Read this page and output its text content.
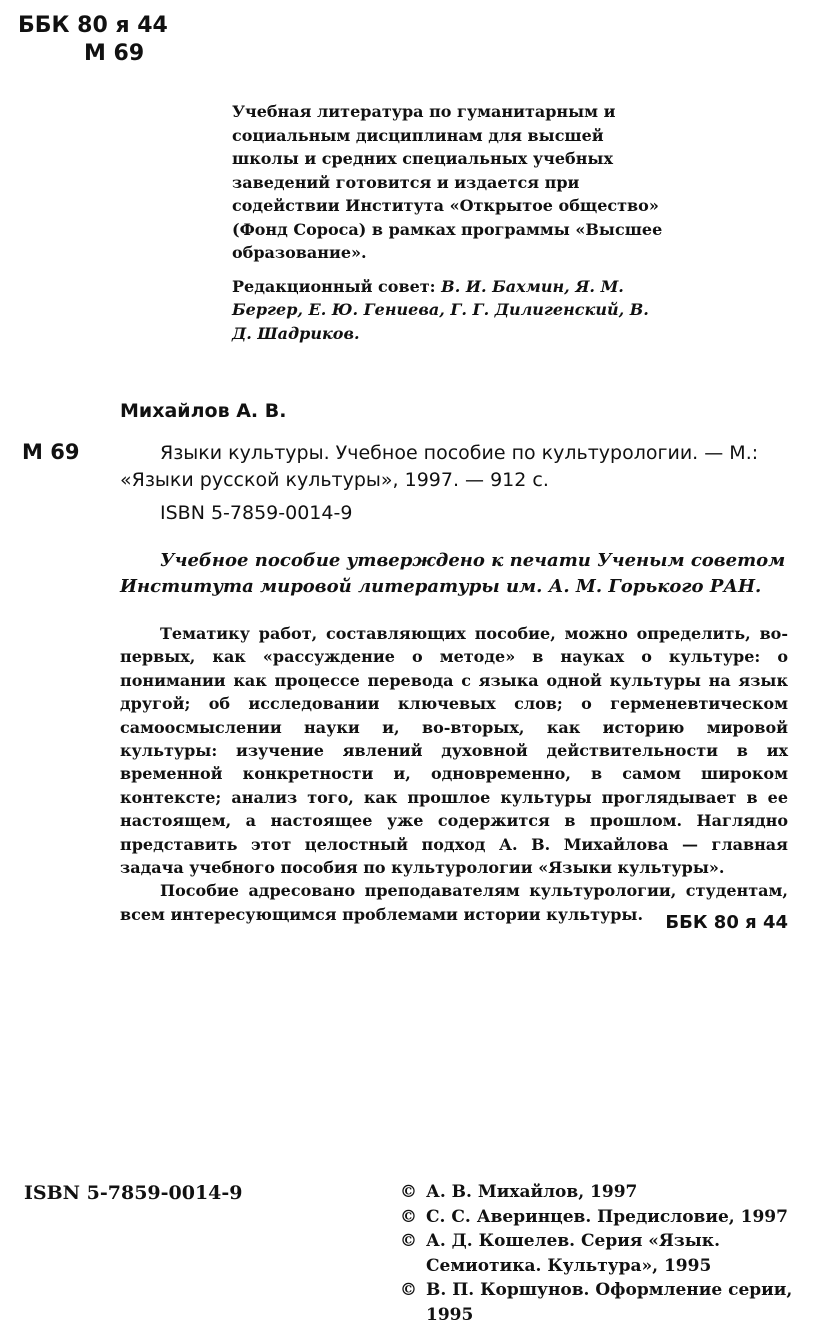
ББК 80 я 44
М 69

Учебная литература по гуманитарным и социальным дисциплинам для высшей школы и средних специальных учебных заведений готовится и издается при содействии Института «Открытое общество» (Фонд Сороса) в рамках программы «Высшее образование».

Редакционный совет: В. И. Бахмин, Я. М. Бергер, Е. Ю. Гениева, Г. Г. Дилигенский, В. Д. Шадриков.

Михайлов А. В.
М 69	Языки культуры. Учебное пособие по культурологии. — М.: «Языки русской культуры», 1997. — 912 с.

ISBN 5-7859-0014-9

Учебное пособие утверждено к печати Ученым советом Института мировой литературы им. А. М. Горького РАН.

Тематику работ, составляющих пособие, можно определить, во-первых, как «рассуждение о методе» в науках о культуре: о понимании как процессе перевода с языка одной культуры на язык другой; об исследовании ключевых слов; о герменевтическом самоосмыслении науки и, во-вторых, как историю мировой культуры: изучение явлений духовной действительности в их временной конкретности и, одновременно, в самом широком контексте; анализ того, как прошлое культуры проглядывает в ее настоящем, а настоящее уже содержится в прошлом. Наглядно представить этот целостный подход А. В. Михайлова — главная задача учебного пособия по культурологии «Языки культуры».

Пособие адресовано преподавателям культурологии, студентам, всем интересующимся проблемами истории культуры.	ББК 80 я 44
ISBN 5-7859-0014-9	© А. В. Михайлов, 1997
© С. С. Аверинцев. Предисловие, 1997
© А. Д. Кошелев. Серия «Язык. Семиотика. Культура», 1995
© В. П. Коршунов. Оформление серии, 1995
